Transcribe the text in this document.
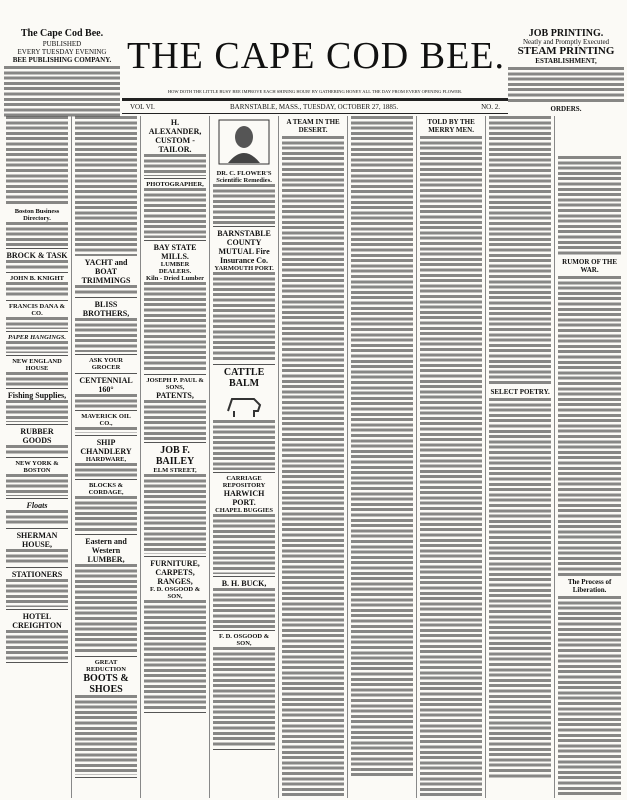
The Cape Cod Bee.
PUBLISHED
EVERY TUESDAY EVENING
BEE PUBLISHING COMPANY. THE CAPE COD BEE.
HOW DOTH THE LITTLE BUSY BEE IMPROVE EACH SHINING HOUR! BY GATHERING HONEY ALL THE DAY FROM EVERY OPENING FLOWER.
VOL VI.	BARNSTABLE, MASS., TUESDAY, OCTOBER 27, 1885.	NO. 2.
JOB PRINTING.
Neatly and Promptly Executed
STEAM PRINTING
ESTABLISHMENT,
ORDERS.
Boston Business Directory.
BROCK & TASK
JOHN B. KNIGHT
FRANCIS DANA & CO.
PAPER HANGINGS.
NEW ENGLAND HOUSE
Fishing Supplies,
RUBBER GOODS
NEW YORK & BOSTON
Floats
SHERMAN HOUSE,
STATIONERS
HOTEL CREIGHTON
YACHT and BOAT TRIMMINGS
BLISS BROTHERS,
ASK YOUR GROCER
CENTENNIAL 160°
MAVERICK OIL CO.,
SHIP CHANDLERY
HARDWARE,
BLOCKS & CORDAGE,
Eastern and Western LUMBER,
GREAT REDUCTION
BOOTS & SHOES
H. ALEXANDER, CUSTOM - TAILOR.
PHOTOGRAPHER,
BAY STATE MILLS.
LUMBER DEALERS.
Kiln - Dried Lumber
JOSEPH P. PAUL & SONS,
PATENTS,
JOB F. BAILEY
ELM STREET,
FURNITURE,
CARPETS,
RANGES,
F. D. OSGOOD & SON,
DR. C. FLOWER'S Scientific Remedies.
BARNSTABLE COUNTY MUTUAL Fire Insurance Co.
YARMOUTH PORT.
CATTLE BALM
CARRIAGE REPOSITORY
HARWICH PORT.
CHAPEL BUGGIES
B. H. BUCK,
F. D. OSGOOD & SON,
A TEAM IN THE DESERT.
TOLD BY THE MERRY MEN.
SELECT POETRY.
RUMOR OF THE WAR.
The Process of Liberation.
